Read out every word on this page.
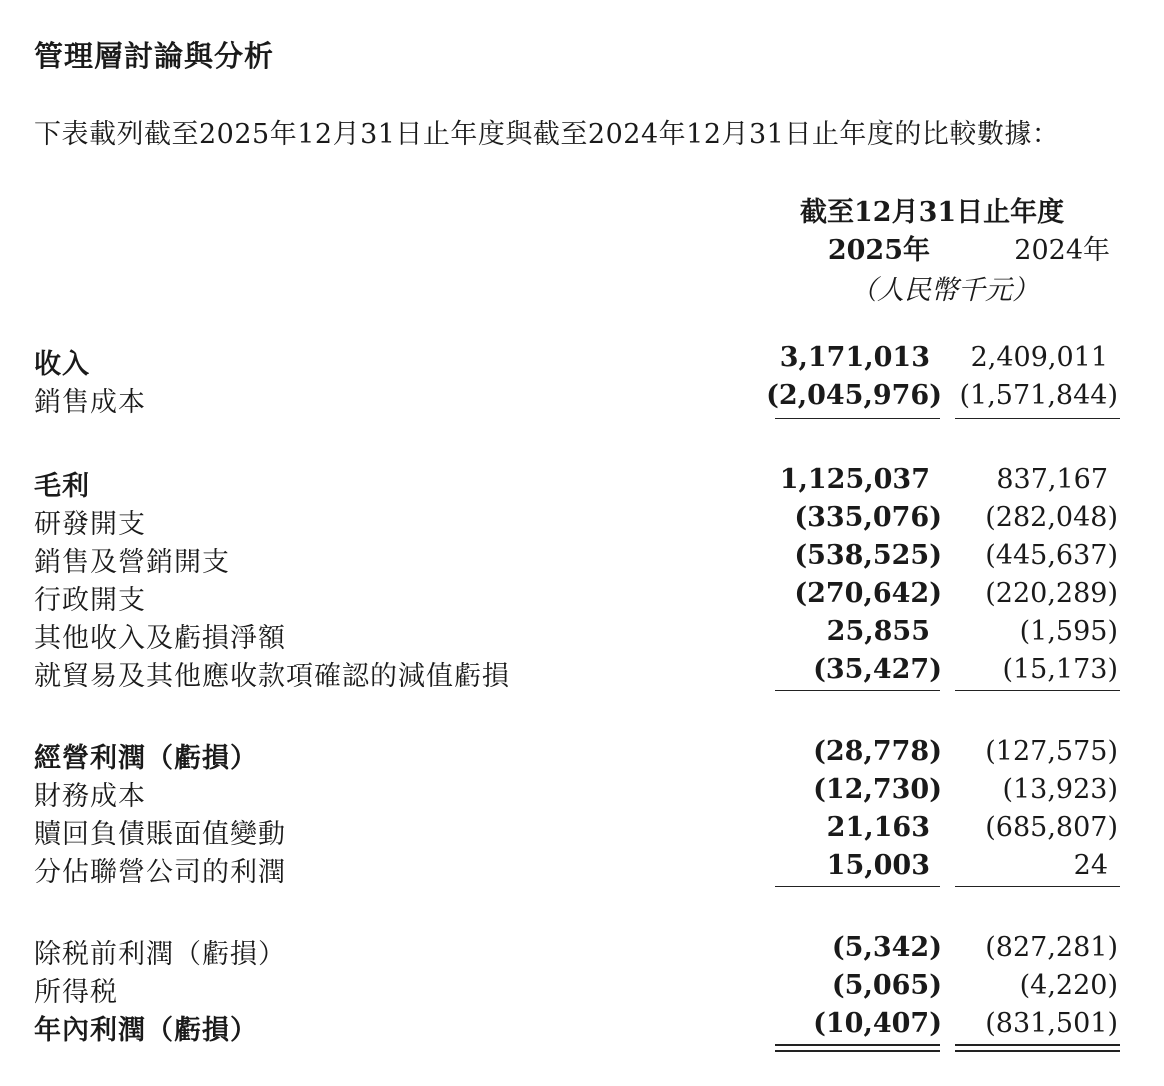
管理層討論與分析
下表載列截至2025年12月31日止年度與截至2024年12月31日止年度的比較數據：
截至12月31日止年度
2025年	2024年
（人民幣千元）
收入	3,171,013 2,409,011
銷售成本	(2,045,976) (1,571,844)
毛利	1,125,037 837,167
研發開支	(335,076) (282,048)
銷售及營銷開支	(538,525) (445,637)
行政開支	(270,642) (220,289)
其他收入及虧損淨額	25,855	(1,595)
就貿易及其他應收款項確認的減值虧損	(35,427) (15,173)
經營利潤（虧損）	(28,778) (127,575)
財務成本	(12,730) (13,923)
贖回負債賬面值變動	21,163 (685,807)
分佔聯營公司的利潤	15,003	24
除税前利潤（虧損）	(5,342) (827,281)
所得税	(5,065)	(4,220)
年內利潤（虧損）	(10,407) (831,501)
